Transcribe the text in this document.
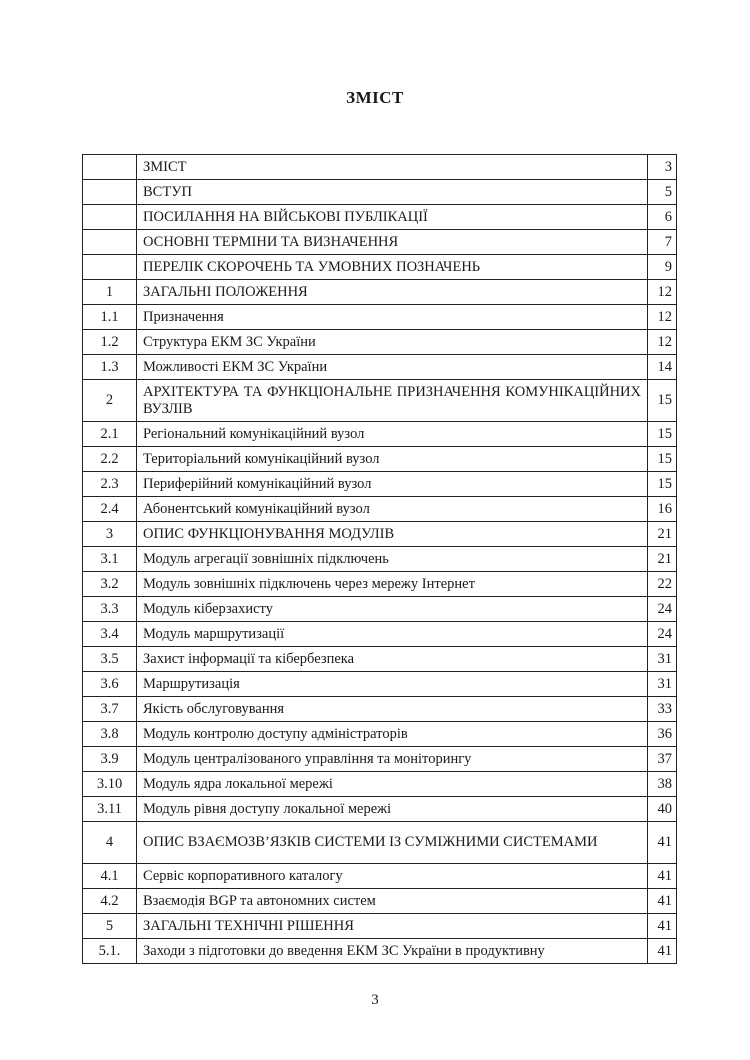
ЗМІСТ
	ЗМІСТ	3
	ВСТУП	5
	ПОСИЛАННЯ НА ВІЙСЬКОВІ ПУБЛІКАЦІЇ	6
	ОСНОВНІ ТЕРМІНИ ТА ВИЗНАЧЕННЯ	7
	ПЕРЕЛІК СКОРОЧЕНЬ ТА УМОВНИХ ПОЗНАЧЕНЬ	9
1	ЗАГАЛЬНІ ПОЛОЖЕННЯ	12
1.1	Призначення	12
1.2	Структура ЕКМ ЗС України	12
1.3	Можливості ЕКМ ЗС України	14
2	АРХІТЕКТУРА ТА ФУНКЦІОНАЛЬНЕ ПРИЗНАЧЕННЯ КОМУНІКАЦІЙНИХ ВУЗЛІВ	15
2.1	Регіональний комунікаційний вузол	15
2.2	Територіальний комунікаційний вузол	15
2.3	Периферійний комунікаційний вузол	15
2.4	Абонентський комунікаційний вузол	16
3	ОПИС ФУНКЦІОНУВАННЯ МОДУЛІВ	21
3.1	Модуль агрегації зовнішніх підключень	21
3.2	Модуль зовнішніх підключень через мережу Інтернет	22
3.3	Модуль кіберзахисту	24
3.4	Модуль маршрутизації	24
3.5	Захист інформації та кібербезпека	31
3.6	Маршрутизація	31
3.7	Якість обслуговування	33
3.8	Модуль контролю доступу адміністраторів	36
3.9	Модуль централізованого управління та моніторингу	37
3.10	Модуль ядра локальної мережі	38
3.11	Модуль рівня доступу локальної мережі	40
4	ОПИС ВЗАЄМОЗВ’ЯЗКІВ СИСТЕМИ ІЗ СУМІЖНИМИ СИСТЕМАМИ	41
4.1	Сервіс корпоративного каталогу	41
4.2	Взаємодія BGP та автономних систем	41
5	ЗАГАЛЬНІ ТЕХНІЧНІ РІШЕННЯ	41
5.1.	Заходи з підготовки до введення ЕКМ ЗС України в продуктивну	41
3
